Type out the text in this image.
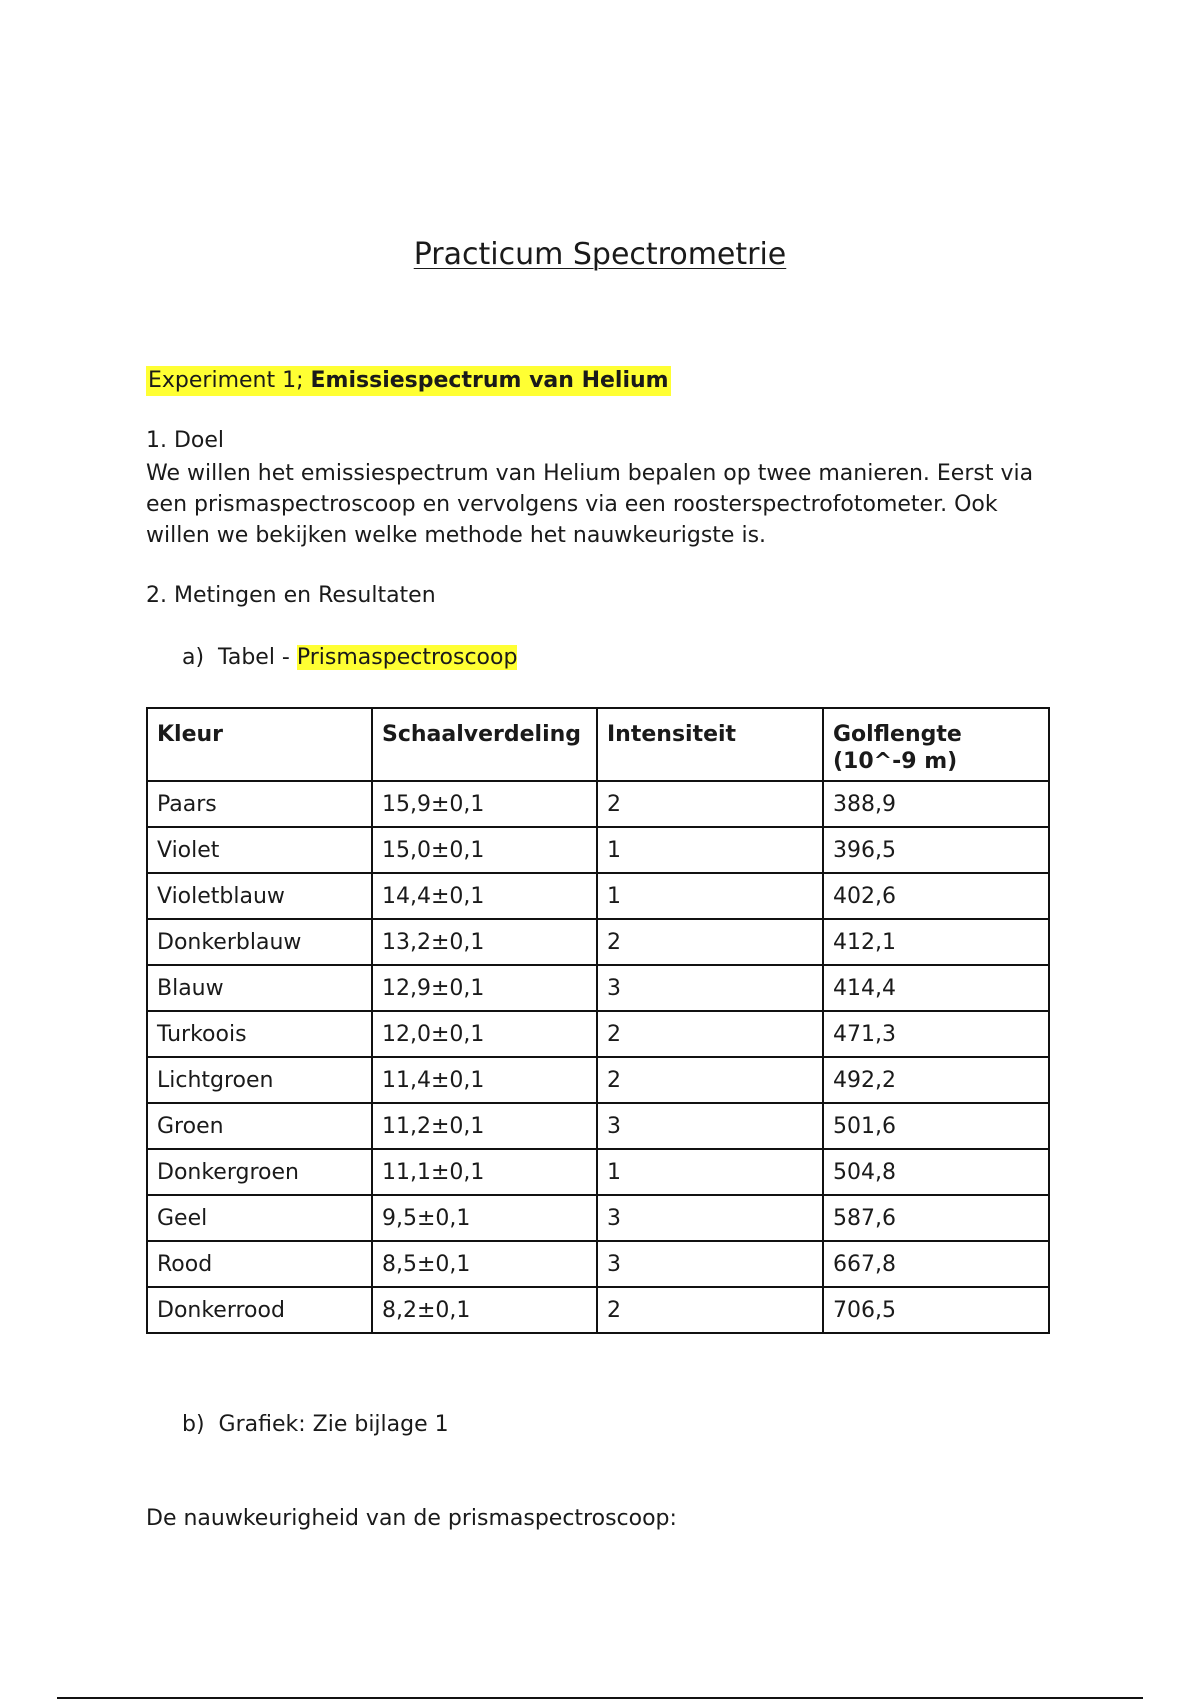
Practicum Spectrometrie
Experiment 1; Emissiespectrum van Helium
1. Doel
We willen het emissiespectrum van Helium bepalen op twee manieren. Eerst via een prismaspectroscoop en vervolgens via een roosterspectrofotometer. Ook willen we bekijken welke methode het nauwkeurigste is.
2. Metingen en Resultaten
a)  Tabel - Prismaspectroscoop
Kleur	Schaalverdeling	Intensiteit	Golflengte
(10^-9 m)
Paars	15,9±0,1	2	388,9
Violet	15,0±0,1	1	396,5
Violetblauw	14,4±0,1	1	402,6
Donkerblauw	13,2±0,1	2	412,1
Blauw	12,9±0,1	3	414,4
Turkoois	12,0±0,1	2	471,3
Lichtgroen	11,4±0,1	2	492,2
Groen	11,2±0,1	3	501,6
Donkergroen	11,1±0,1	1	504,8
Geel	9,5±0,1	3	587,6
Rood	8,5±0,1	3	667,8
Donkerrood	8,2±0,1	2	706,5
b)  Grafiek: Zie bijlage 1
De nauwkeurigheid van de prismaspectroscoop:
